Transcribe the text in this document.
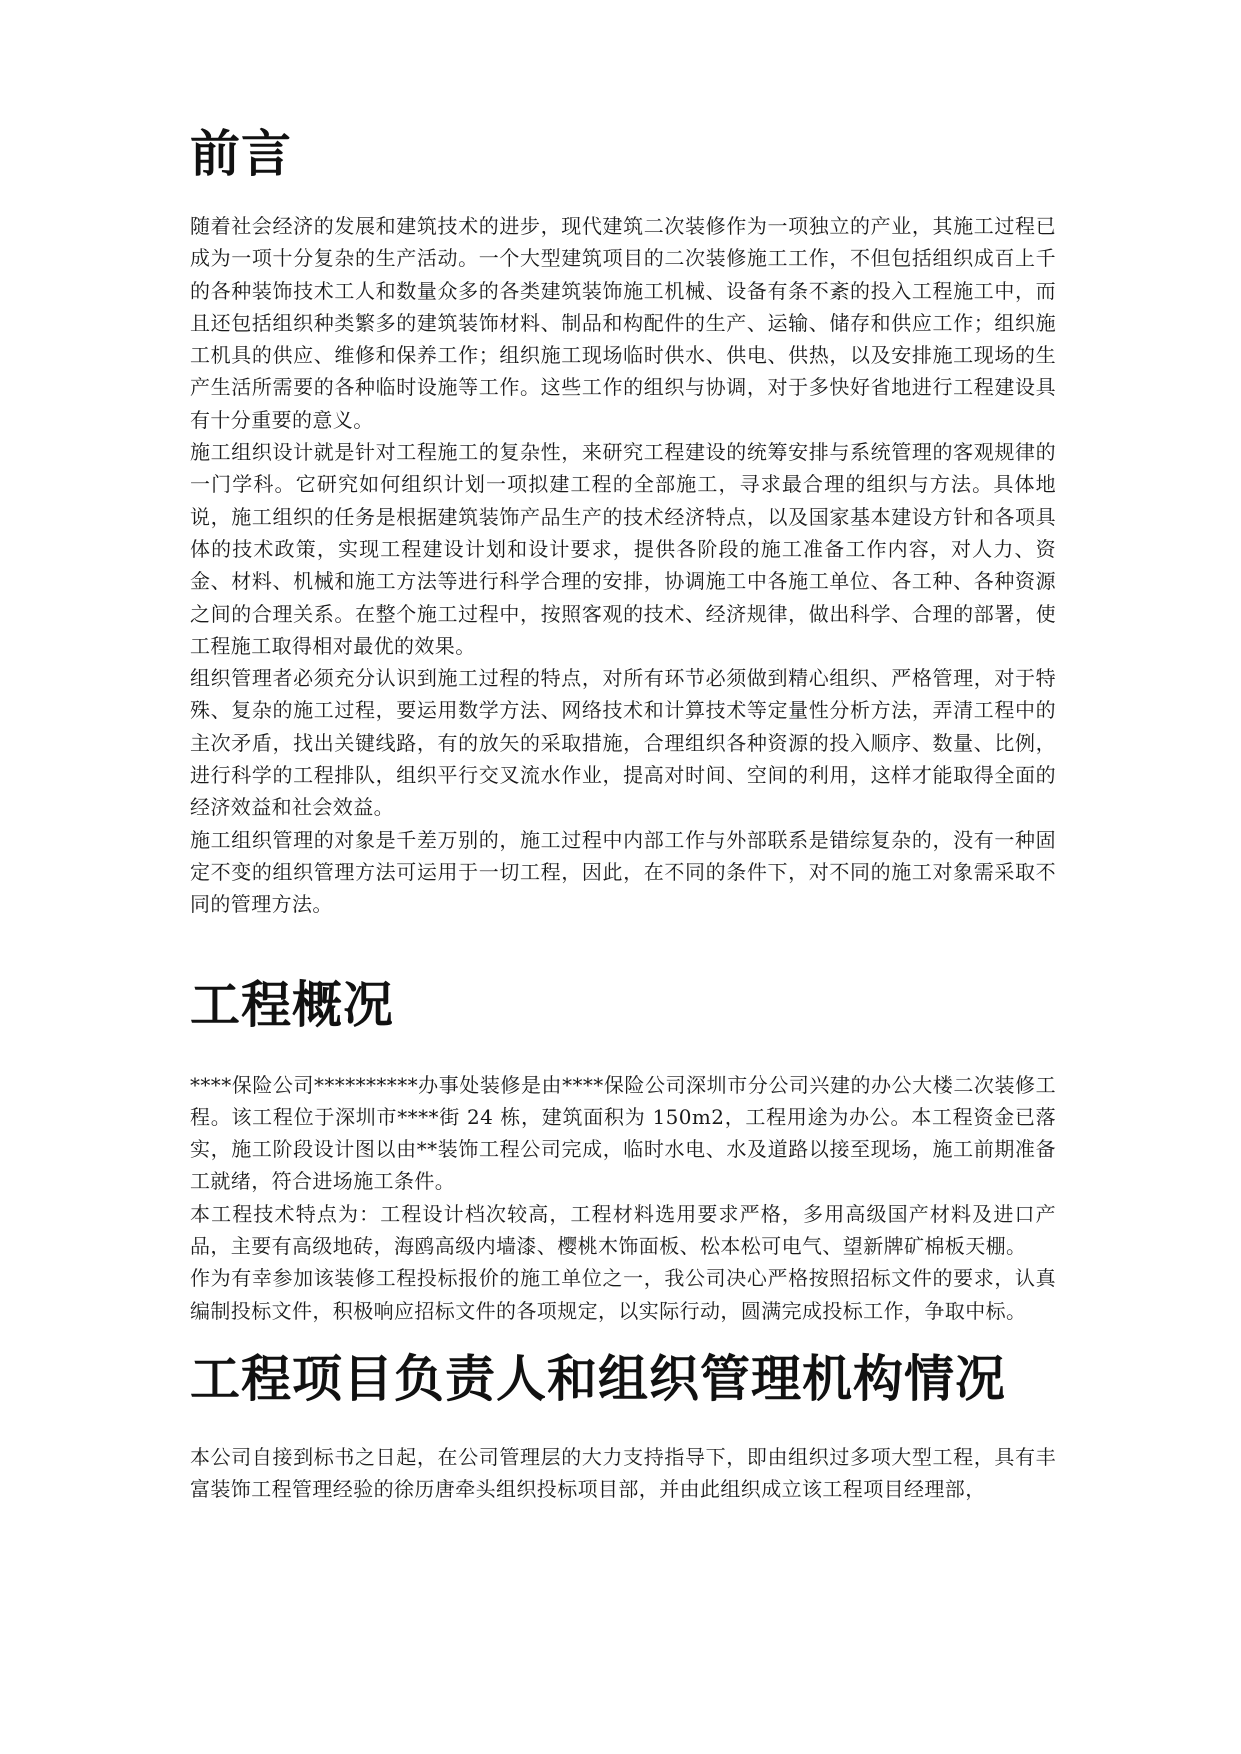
前言

随着社会经济的发展和建筑技术的进步，现代建筑二次装修作为一项独立的产业，其施工过程已成为一项十分复杂的生产活动。一个大型建筑项目的二次装修施工工作，不但包括组织成百上千的各种装饰技术工人和数量众多的各类建筑装饰施工机械、设备有条不紊的投入工程施工中，而且还包括组织种类繁多的建筑装饰材料、制品和构配件的生产、运输、储存和供应工作；组织施工机具的供应、维修和保养工作；组织施工现场临时供水、供电、供热，以及安排施工现场的生产生活所需要的各种临时设施等工作。这些工作的组织与协调，对于多快好省地进行工程建设具有十分重要的意义。

施工组织设计就是针对工程施工的复杂性，来研究工程建设的统筹安排与系统管理的客观规律的一门学科。它研究如何组织计划一项拟建工程的全部施工，寻求最合理的组织与方法。具体地说，施工组织的任务是根据建筑装饰产品生产的技术经济特点，以及国家基本建设方针和各项具体的技术政策，实现工程建设计划和设计要求，提供各阶段的施工准备工作内容，对人力、资金、材料、机械和施工方法等进行科学合理的安排，协调施工中各施工单位、各工种、各种资源之间的合理关系。在整个施工过程中，按照客观的技术、经济规律，做出科学、合理的部署，使工程施工取得相对最优的效果。

组织管理者必须充分认识到施工过程的特点，对所有环节必须做到精心组织、严格管理，对于特殊、复杂的施工过程，要运用数学方法、网络技术和计算技术等定量性分析方法，弄清工程中的主次矛盾，找出关键线路，有的放矢的采取措施，合理组织各种资源的投入顺序、数量、比例，进行科学的工程排队，组织平行交叉流水作业，提高对时间、空间的利用，这样才能取得全面的经济效益和社会效益。

施工组织管理的对象是千差万别的，施工过程中内部工作与外部联系是错综复杂的，没有一种固定不变的组织管理方法可运用于一切工程，因此，在不同的条件下，对不同的施工对象需采取不同的管理方法。

工程概况

****保险公司**********办事处装修是由****保险公司深圳市分公司兴建的办公大楼二次装修工程。该工程位于深圳市****街 24 栋，建筑面积为 150m2，工程用途为办公。本工程资金已落实，施工阶段设计图以由**装饰工程公司完成，临时水电、水及道路以接至现场，施工前期准备工就绪，符合进场施工条件。

本工程技术特点为：工程设计档次较高，工程材料选用要求严格，多用高级国产材料及进口产品，主要有高级地砖，海鸥高级内墙漆、樱桃木饰面板、松本松可电气、望新牌矿棉板天棚。

作为有幸参加该装修工程投标报价的施工单位之一，我公司决心严格按照招标文件的要求，认真编制投标文件，积极响应招标文件的各项规定，以实际行动，圆满完成投标工作，争取中标。

工程项目负责人和组织管理机构情况

本公司自接到标书之日起，在公司管理层的大力支持指导下，即由组织过多项大型工程，具有丰富装饰工程管理经验的徐历唐牵头组织投标项目部，并由此组织成立该工程项目经理部，
